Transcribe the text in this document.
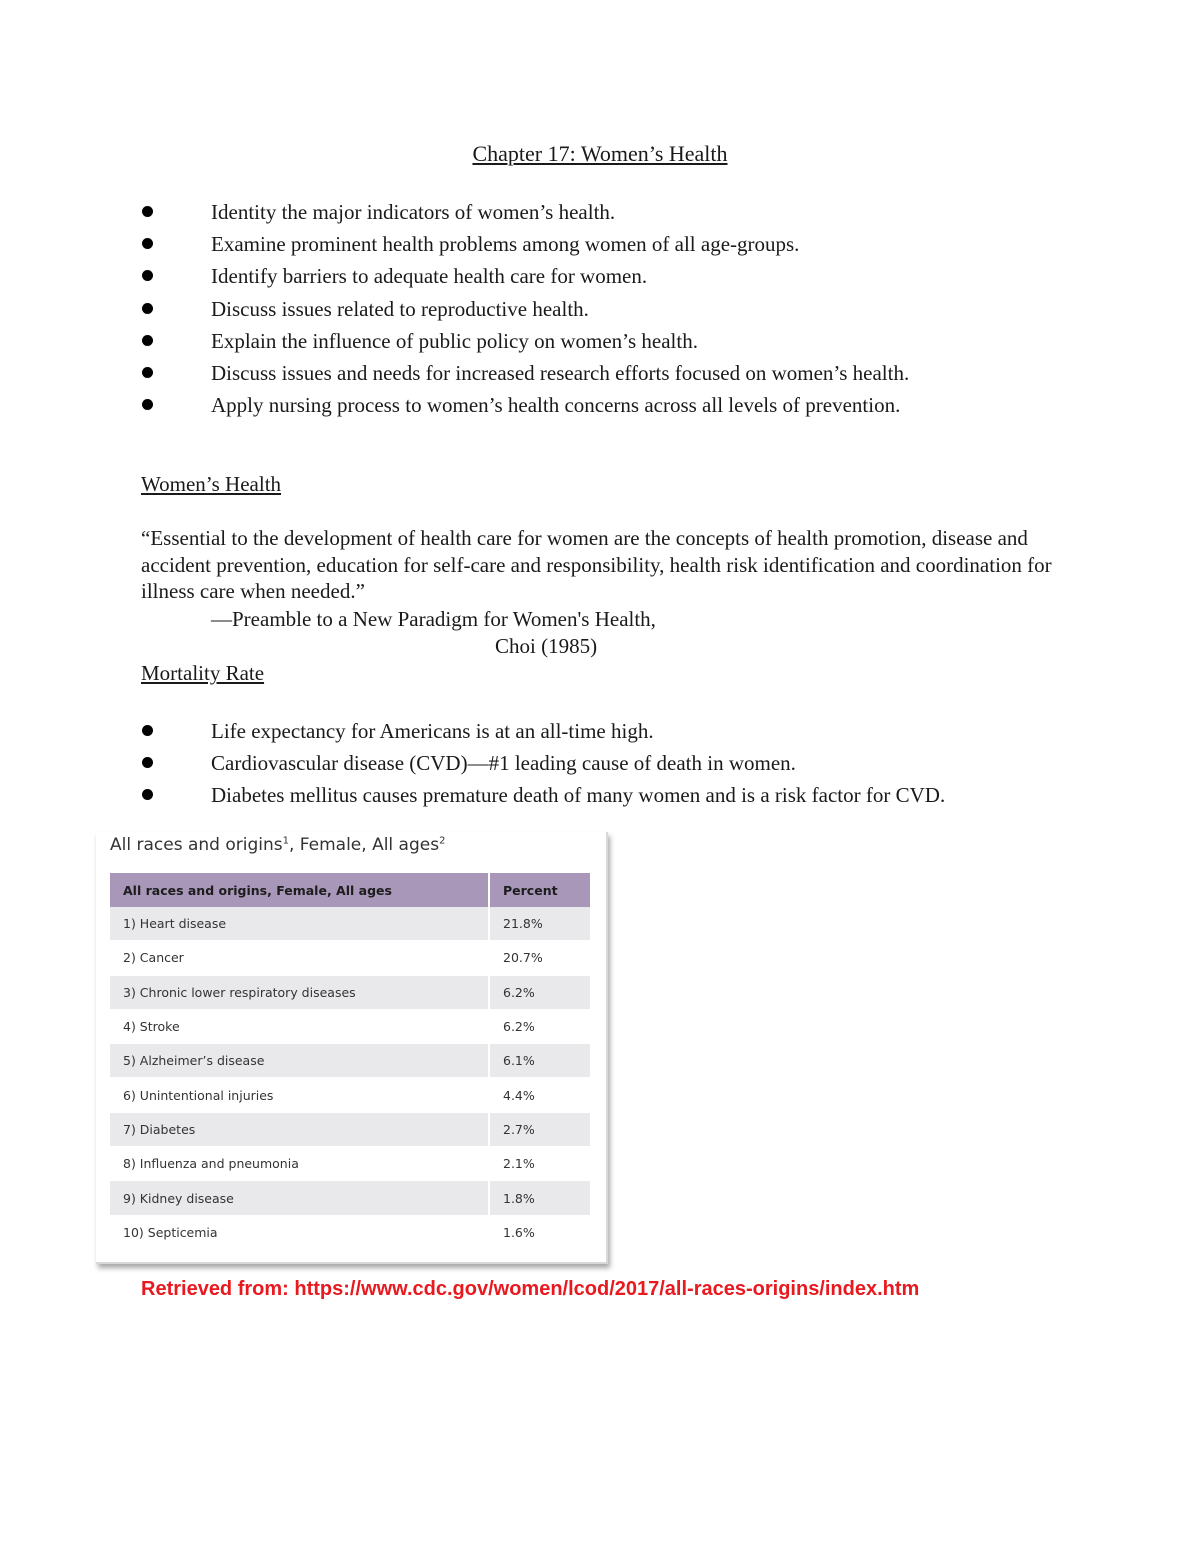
Chapter 17: Women’s Health
Identity the major indicators of women’s health.
Examine prominent health problems among women of all age-groups.
Identify barriers to adequate health care for women.
Discuss issues related to reproductive health.
Explain the influence of public policy on women’s health.
Discuss issues and needs for increased research efforts focused on women’s health.
Apply nursing process to women’s health concerns across all levels of prevention.
Women’s Health

“Essential to the development of health care for women are the concepts of health promotion, disease and accident prevention, education for self-care and responsibility, health risk identification and coordination for illness care when needed.”

—Preamble to a New Paradigm for Women's Health,

Choi (1985)

Mortality Rate
Life expectancy for Americans is at an all-time high.
Cardiovascular disease (CVD)—#1 leading cause of death in women.
Diabetes mellitus causes premature death of many women and is a risk factor for CVD.
All races and origins$^1$, Female, All ages$^2$
All races and origins, Female, All ages	Percent
1) Heart disease	21.8%
2) Cancer	20.7%
3) Chronic lower respiratory diseases	6.2%
4) Stroke	6.2%
5) Alzheimer’s disease	6.1%
6) Unintentional injuries	4.4%
7) Diabetes	2.7%
8) Influenza and pneumonia	2.1%
9) Kidney disease	1.8%
10) Septicemia	1.6%
Retrieved from: https://www.cdc.gov/women/lcod/2017/all-races-origins/index.htm
